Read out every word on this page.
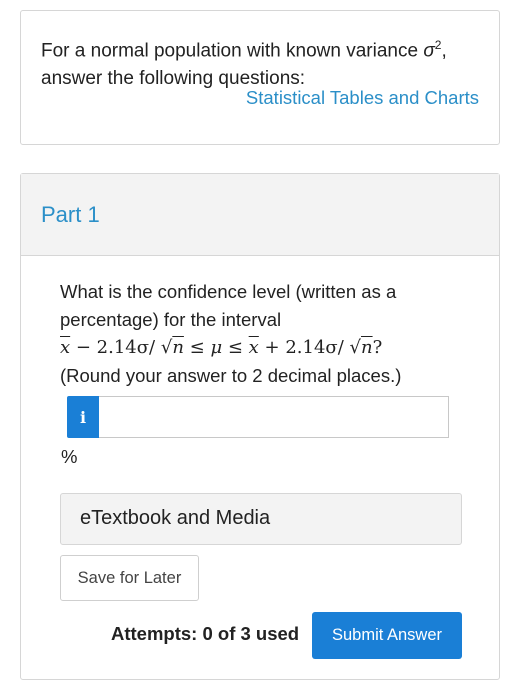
For a normal population with known variance $\sigma^2$,
answer the following questions:

Statistical Tables and Charts
Part 1
What is the confidence level (written as a
percentage) for the interval
$\overline{x} - 2.14\sigma/$ $√n \le \mu \le \overline{x} + 2.14\sigma/$ √n?
(Round your answer to 2 decimal places.)
i
%
eTextbook and Media
Save for Later
Attempts: 0 of 3 used	Submit Answer
